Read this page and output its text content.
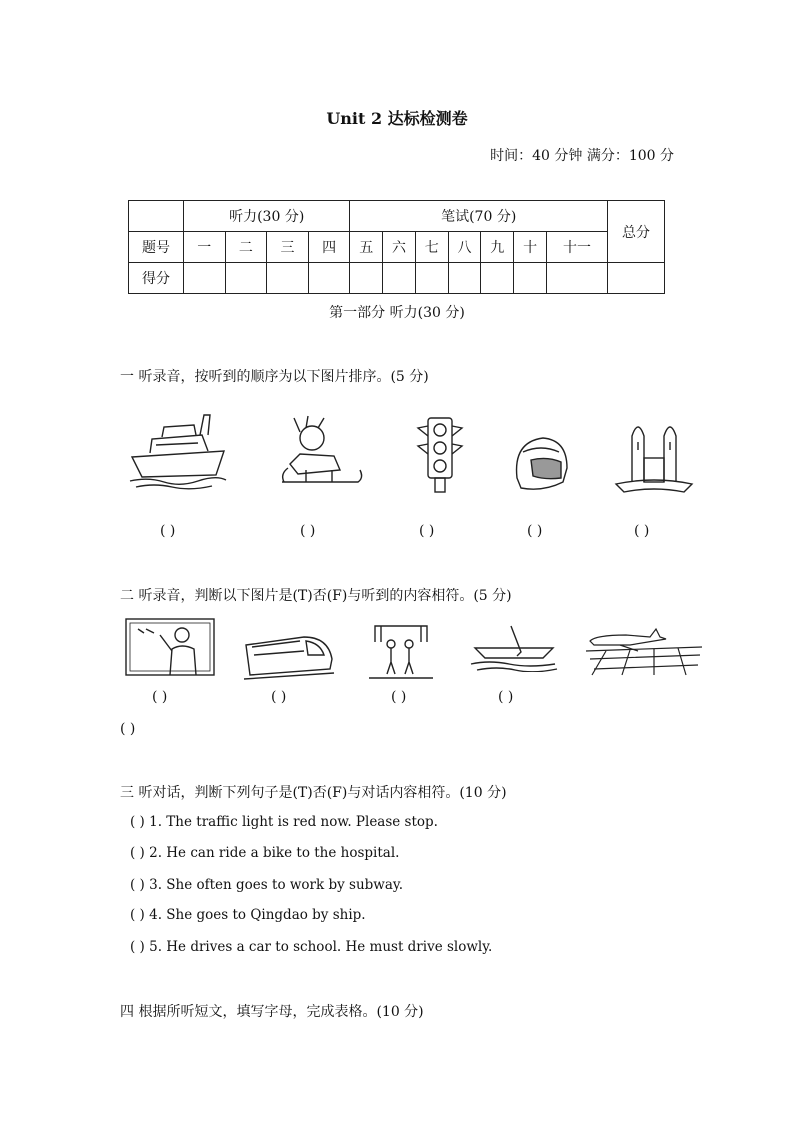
Unit 2 达标检测卷
时间：40 分钟 满分：100 分
	听力(30 分)				笔试(70 分)							总分
题号	一	二	三	四	五	六	七	八	九	十	十一	
得分												
第一部分 听力(30 分)
一 听录音，按听到的顺序为以下图片排序。(5 分)
( )	( )	( )	( )	( )
二 听录音，判断以下图片是(T)否(F)与听到的内容相符。(5 分)
( )	( )	( )	( )
( )
三 听对话，判断下列句子是(T)否(F)与对话内容相符。(10 分)
( ) 1. The traffic light is red now. Please stop.
( ) 2. He can ride a bike to the hospital.
( ) 3. She often goes to work by subway.
( ) 4. She goes to Qingdao by ship.
( ) 5. He drives a car to school. He must drive slowly.
四 根据所听短文，填写字母，完成表格。(10 分)
